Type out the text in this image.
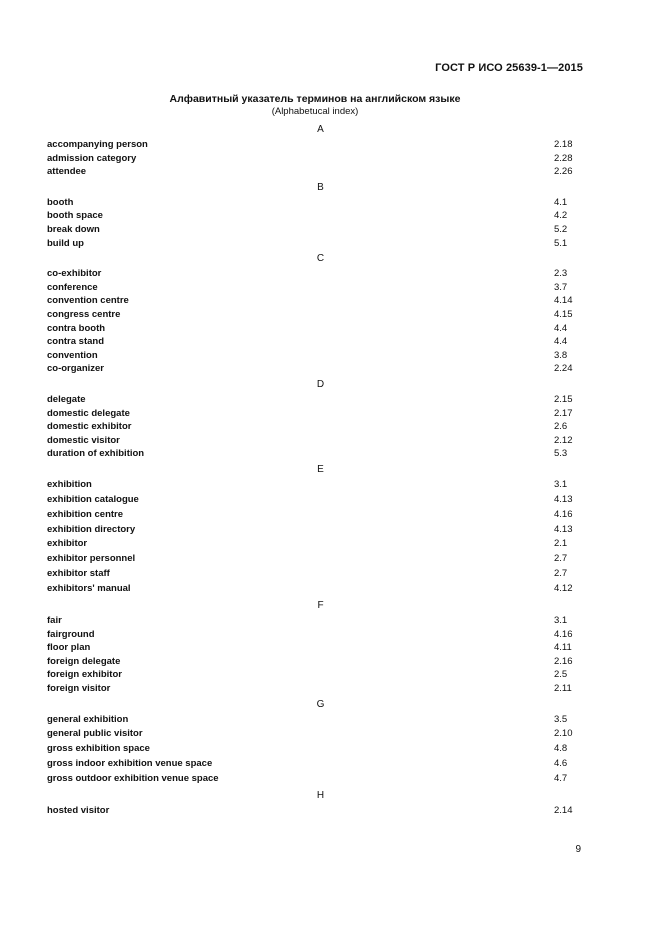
ГОСТ Р ИСО 25639-1—2015
Алфавитный указатель терминов на английском языке
(Alphabetucal index)
A
accompanying person	2.18
admission category	2.28
attendee	2.26
B
booth	4.1
booth space	4.2
break down	5.2
build up	5.1
C
co-exhibitor	2.3
conference	3.7
convention centre	4.14
congress centre	4.15
contra booth	4.4
contra stand	4.4
convention	3.8
co-organizer	2.24
D
delegate	2.15
domestic delegate	2.17
domestic exhibitor	2.6
domestic visitor	2.12
duration of exhibition	5.3
E
exhibition	3.1
exhibition catalogue	4.13
exhibition centre	4.16
exhibition directory	4.13
exhibitor	2.1
exhibitor personnel	2.7
exhibitor staff	2.7
exhibitors' manual	4.12
F
fair	3.1
fairground	4.16
floor plan	4.11
foreign delegate	2.16
foreign exhibitor	2.5
foreign visitor	2.11
G
general exhibition	3.5
general public visitor	2.10
gross exhibition space	4.8
gross indoor exhibition venue space	4.6
gross outdoor exhibition venue space	4.7
H
hosted visitor	2.14
9
